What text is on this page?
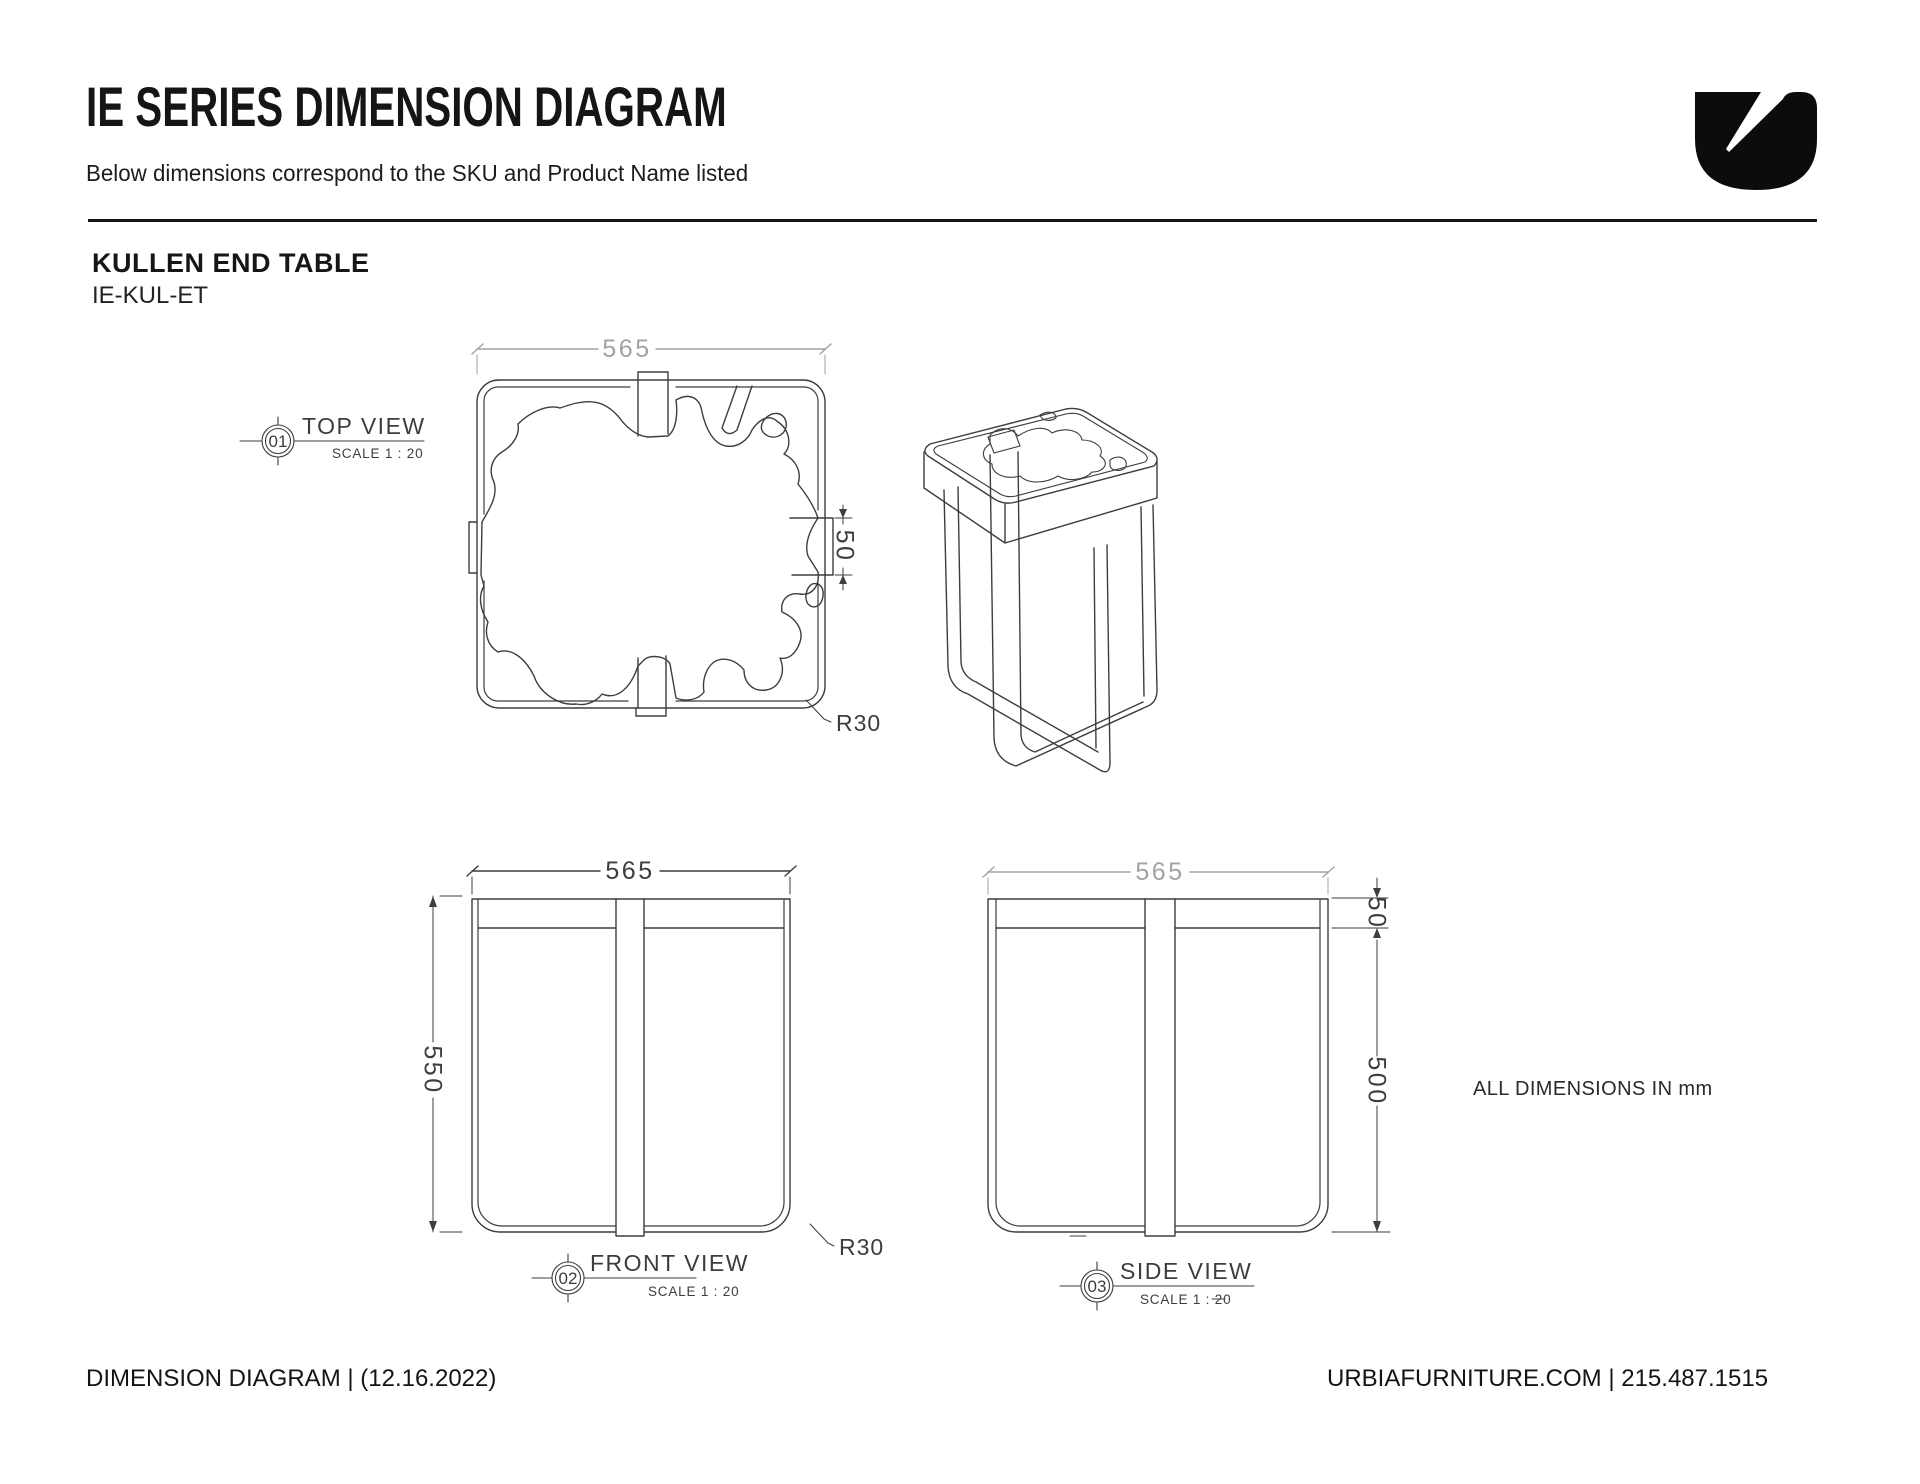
IE SERIES DIMENSION DIAGRAM
Below dimensions correspond to the SKU and Product Name listed
KULLEN END TABLE
IE-KUL-ET
ALL DIMENSIONS IN mm
DIMENSION DIAGRAM | (12.16.2022)	URBIAFURNITURE.COM | 215.487.1515
565
50
01
TOP VIEW
SCALE 1 : 20
R30
565
550
02
FRONT VIEW
SCALE 1 : 20
R30
565
50
500
03
SIDE VIEW
SCALE 1 : 20
